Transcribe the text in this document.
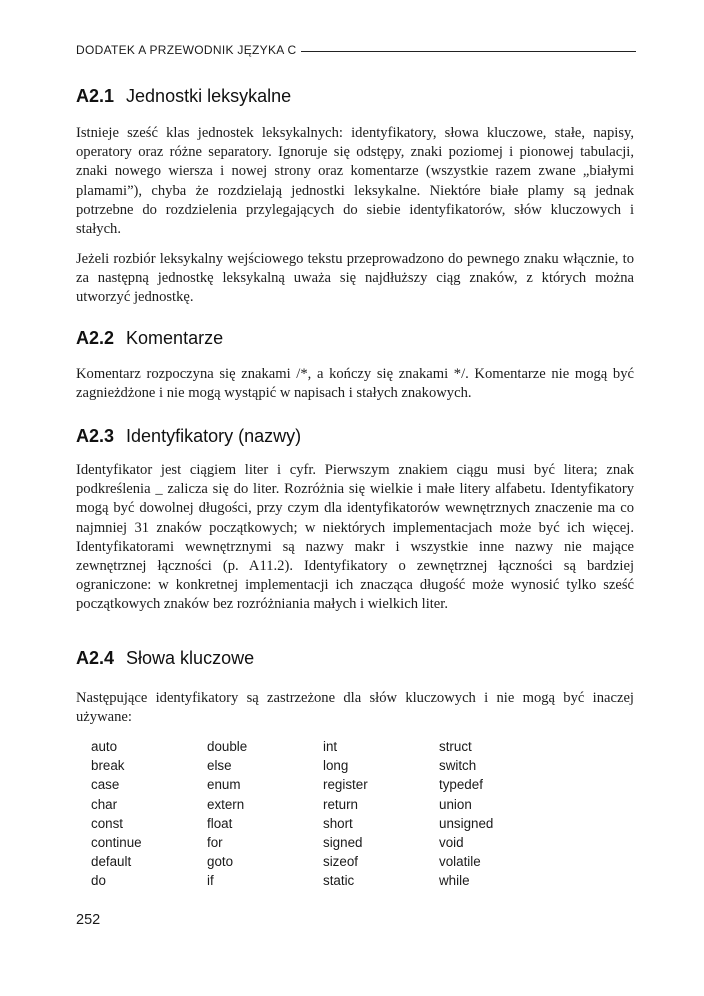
DODATEK A PRZEWODNIK JĘZYKA C
A2.1 Jednostki leksykalne

Istnieje sześć klas jednostek leksykalnych: identyfikatory, słowa kluczowe, stałe, napisy, operatory oraz różne separatory. Ignoruje się odstępy, znaki poziomej i pionowej tabulacji, znaki nowego wiersza i nowej strony oraz komentarze (wszystkie razem zwane „białymi plamami”), chyba że rozdzielają jednostki leksykalne. Niektóre białe plamy są jednak potrzebne do rozdzielenia przylegających do siebie identyfikatorów, słów kluczowych i stałych.

Jeżeli rozbiór leksykalny wejściowego tekstu przeprowadzono do pewnego znaku włącznie, to za następną jednostkę leksykalną uważa się najdłuższy ciąg znaków, z których można utworzyć jednostkę.

A2.2 Komentarze

Komentarz rozpoczyna się znakami /*, a kończy się znakami */. Komentarze nie mogą być zagnieżdżone i nie mogą wystąpić w napisach i stałych znakowych.

A2.3 Identyfikatory (nazwy)

Identyfikator jest ciągiem liter i cyfr. Pierwszym znakiem ciągu musi być litera; znak podkreślenia _ zalicza się do liter. Rozróżnia się wielkie i małe litery alfabetu. Identyfikatory mogą być dowolnej długości, przy czym dla identyfikatorów wewnętrznych znaczenie ma co najmniej 31 znaków początkowych; w niektórych implementacjach może być ich więcej. Identyfikatorami wewnętrznymi są nazwy makr i wszystkie inne nazwy nie mające zewnętrznej łączności (p. A11.2). Identyfikatory o zewnętrznej łączności są bardziej ograniczone: w konkretnej implementacji ich znacząca długość może wynosić tylko sześć początkowych znaków bez rozróżniania małych i wielkich liter.

A2.4 Słowa kluczowe

Następujące identyfikatory są zastrzeżone dla słów kluczowych i nie mogą być inaczej używane:

auto
break
case
char
const
continue
default
do
double
else
enum
extern
float
for
goto
if
int
long
register
return
short
signed
sizeof
static
struct
switch
typedef
union
unsigned
void
volatile
while
252
